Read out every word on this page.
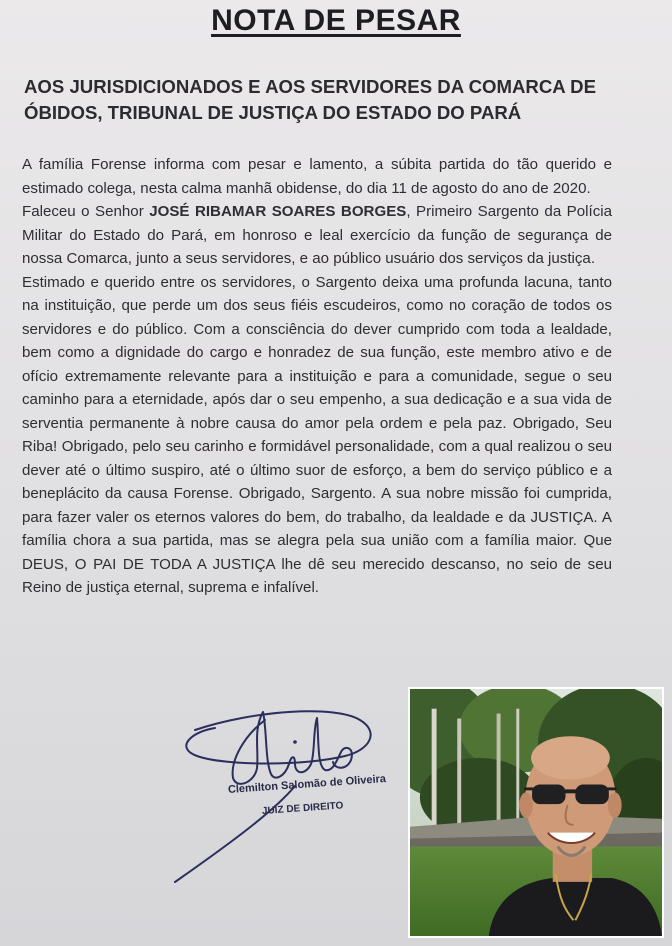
NOTA DE PESAR
AOS JURISDICIONADOS E AOS SERVIDORES DA COMARCA DE ÓBIDOS, TRIBUNAL DE JUSTIÇA DO ESTADO DO PARÁ

A família Forense informa com pesar e lamento, a súbita partida do tão querido e estimado colega, nesta calma manhã obidense, do dia 11 de agosto do ano de 2020.

Faleceu o Senhor JOSÉ RIBAMAR SOARES BORGES, Primeiro Sargento da Polícia Militar do Estado do Pará, em honroso e leal exercício da função de segurança de nossa Comarca, junto a seus servidores, e ao público usuário dos serviços da justiça.

Estimado e querido entre os servidores, o Sargento deixa uma profunda lacuna, tanto na instituição, que perde um dos seus fiéis escudeiros, como no coração de todos os servidores e do público. Com a consciência do dever cumprido com toda a lealdade, bem como a dignidade do cargo e honradez de sua função, este membro ativo e de ofício extremamente relevante para a instituição e para a comunidade, segue o seu caminho para a eternidade, após dar o seu empenho, a sua dedicação e a sua vida de serventia permanente à nobre causa do amor pela ordem e pela paz. Obrigado, Seu Riba! Obrigado, pelo seu carinho e formidável personalidade, com a qual realizou o seu dever até o último suspiro, até o último suor de esforço, a bem do serviço público e a beneplácito da causa Forense. Obrigado, Sargento. A sua nobre missão foi cumprida, para fazer valer os eternos valores do bem, do trabalho, da lealdade e da JUSTIÇA. A família chora a sua partida, mas se alegra pela sua união com a família maior. Que DEUS, O PAI DE TODA A JUSTIÇA lhe dê seu merecido descanso, no seio de seu Reino de justiça eternal, suprema e infalível.

Clemilton Salomão de Oliveira
JUIZ DE DIREITO
